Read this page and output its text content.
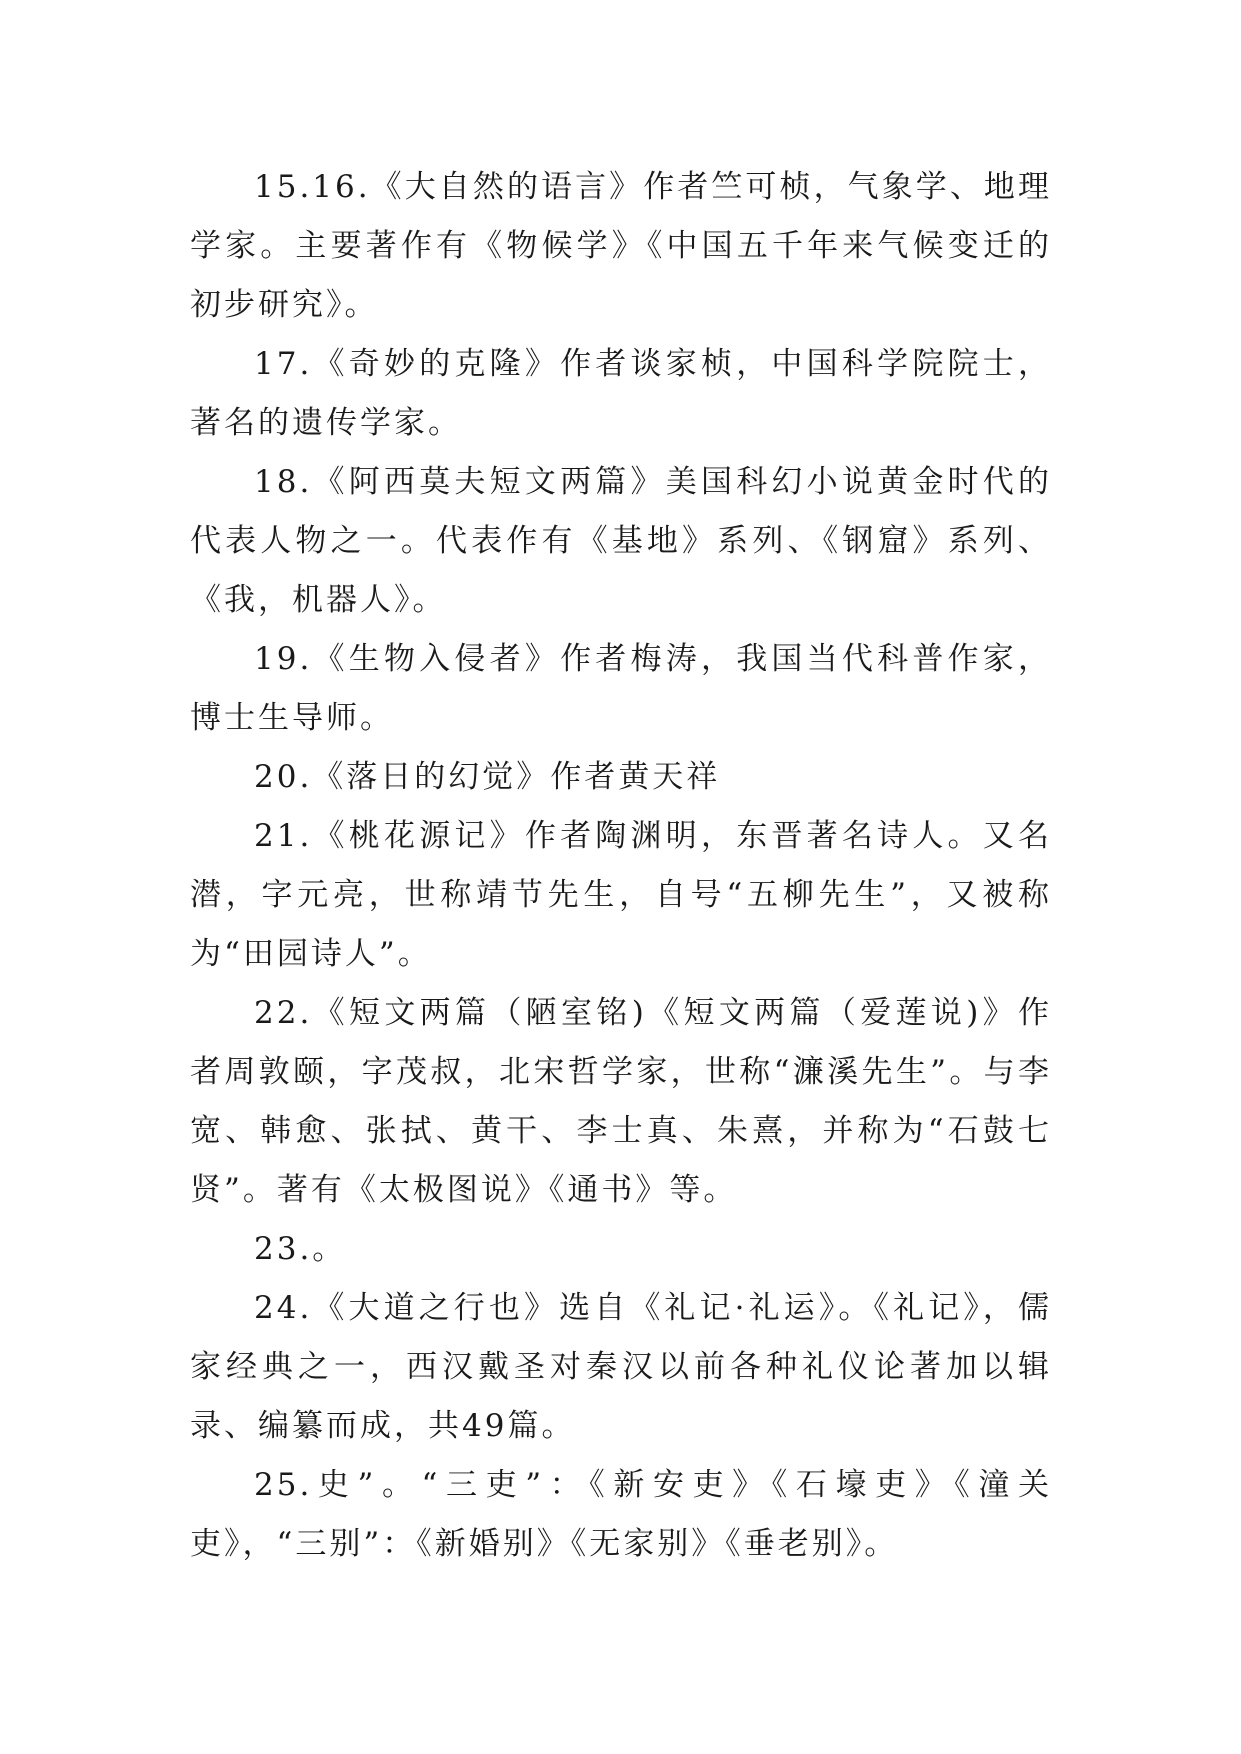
15.16.《大自然的语言》作者竺可桢，气象学、地理学家。主要著作有《物候学》《中国五千年来气候变迁的初步研究》。

17.《奇妙的克隆》作者谈家桢，中国科学院院士，著名的遗传学家。

18.《阿西莫夫短文两篇》美国科幻小说黄金时代的代表人物之一。代表作有《基地》系列、《钢窟》系列、《我，机器人》。

19.《生物入侵者》作者梅涛，我国当代科普作家，博士生导师。

20.《落日的幻觉》作者黄天祥

21.《桃花源记》作者陶渊明，东晋著名诗人。又名潜，字元亮，世称靖节先生，自号“五柳先生”，又被称为“田园诗人”。

22.《短文两篇（陋室铭)《短文两篇（爱莲说)》作者周敦颐，字茂叔，北宋哲学家，世称“濂溪先生”。与李宽、韩愈、张拭、黄干、李士真、朱熹，并称为“石鼓七贤”。著有《太极图说》《通书》等。

23.。

24.《大道之行也》选自《礼记·礼运》。《礼记》，儒家经典之一，西汉戴圣对秦汉以前各种礼仪论著加以辑录、编纂而成，共49篇。

25.史”。“三吏”：《新安吏》《石壕吏》《潼关吏》，“三别”：《新婚别》《无家别》《垂老别》。
